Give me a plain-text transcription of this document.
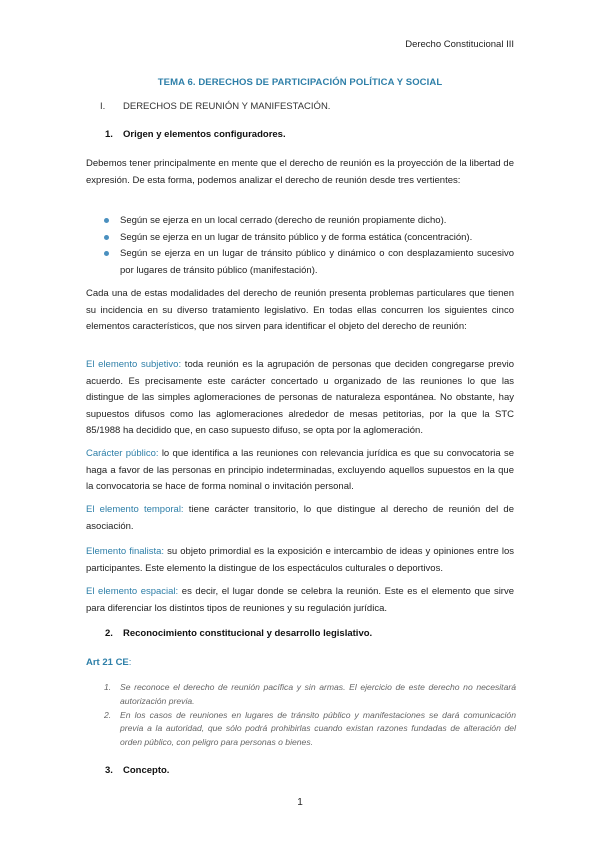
Derecho Constitucional III
TEMA 6. DERECHOS DE PARTICIPACIÓN POLÍTICA Y SOCIAL
I. DERECHOS DE REUNIÓN Y MANIFESTACIÓN.
1. Origen y elementos configuradores.
Debemos tener principalmente en mente que el derecho de reunión es la proyección de la libertad de expresión. De esta forma, podemos analizar el derecho de reunión desde tres vertientes:
Según se ejerza en un local cerrado (derecho de reunión propiamente dicho).
Según se ejerza en un lugar de tránsito público y de forma estática (concentración).
Según se ejerza en un lugar de tránsito público y dinámico o con desplazamiento sucesivo por lugares de tránsito público (manifestación).
Cada una de estas modalidades del derecho de reunión presenta problemas particulares que tienen su incidencia en su diverso tratamiento legislativo. En todas ellas concurren los siguientes cinco elementos característicos, que nos sirven para identificar el objeto del derecho de reunión:
El elemento subjetivo: toda reunión es la agrupación de personas que deciden congregarse previo acuerdo. Es precisamente este carácter concertado u organizado de las reuniones lo que las distingue de las simples aglomeraciones de personas de naturaleza espontánea. No obstante, hay supuestos difusos como las aglomeraciones alrededor de mesas petitorias, por la que la STC 85/1988 ha decidido que, en caso supuesto difuso, se opta por la aglomeración.
Carácter público: lo que identifica a las reuniones con relevancia jurídica es que su convocatoria se haga a favor de las personas en principio indeterminadas, excluyendo aquellos supuestos en la que la convocatoria se hace de forma nominal o invitación personal.
El elemento temporal: tiene carácter transitorio, lo que distingue al derecho de reunión del de asociación.
Elemento finalista: su objeto primordial es la exposición e intercambio de ideas y opiniones entre los participantes. Este elemento la distingue de los espectáculos culturales o deportivos.
El elemento espacial: es decir, el lugar donde se celebra la reunión. Este es el elemento que sirve para diferenciar los distintos tipos de reuniones y su regulación jurídica.
2. Reconocimiento constitucional y desarrollo legislativo.
Art 21 CE:
1. Se reconoce el derecho de reunión pacífica y sin armas. El ejercicio de este derecho no necesitará autorización previa.
2. En los casos de reuniones en lugares de tránsito público y manifestaciones se dará comunicación previa a la autoridad, que sólo podrá prohibirlas cuando existan razones fundadas de alteración del orden público, con peligro para personas o bienes.
3. Concepto.
1
